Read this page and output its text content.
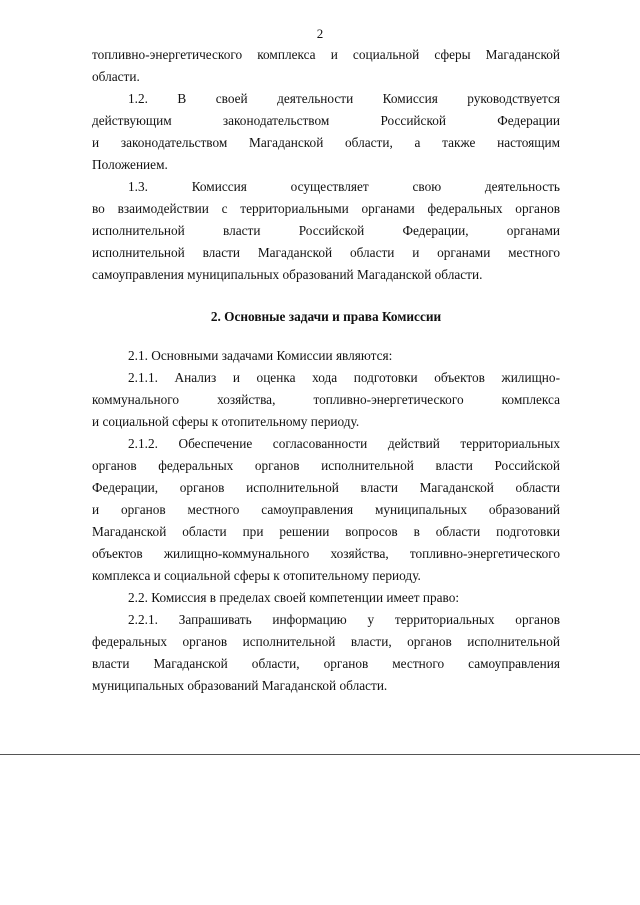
2

топливно-энергетического комплекса и социальной сферы Магаданской
области.

1.2. В своей деятельности Комиссия руководствуется
действующим законодательством Российской Федерации
и законодательством Магаданской области, а также настоящим
Положением.

1.3. Комиссия осуществляет свою деятельность
во взаимодействии с территориальными органами федеральных органов
исполнительной власти Российской Федерации, органами
исполнительной власти Магаданской области и органами местного
самоуправления муниципальных образований Магаданской области.

2. Основные задачи и права Комиссии

2.1. Основными задачами Комиссии являются:

2.1.1. Анализ и оценка хода подготовки объектов жилищно-
коммунального хозяйства, топливно-энергетического комплекса
и социальной сферы к отопительному периоду.

2.1.2. Обеспечение согласованности действий территориальных
органов федеральных органов исполнительной власти Российской
Федерации, органов исполнительной власти Магаданской области
и органов местного самоуправления муниципальных образований
Магаданской области при решении вопросов в области подготовки
объектов жилищно-коммунального хозяйства, топливно-энергетического
комплекса и социальной сферы к отопительному периоду.

2.2. Комиссия в пределах своей компетенции имеет право:

2.2.1. Запрашивать информацию у территориальных органов
федеральных органов исполнительной власти, органов исполнительной
власти Магаданской области, органов местного самоуправления
муниципальных образований Магаданской области.
